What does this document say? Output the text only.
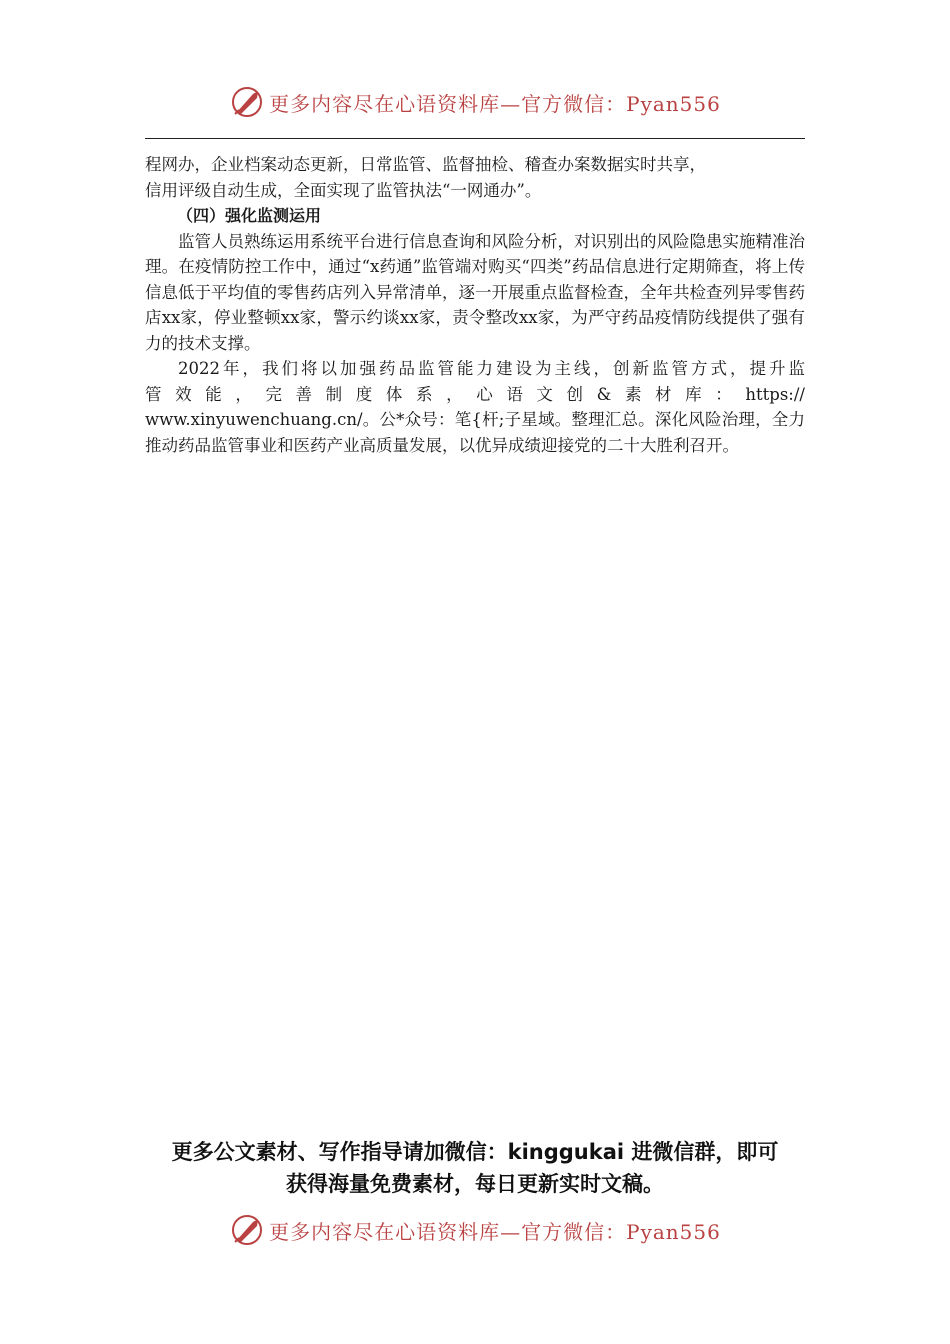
更多内容尽在心语资料库—官方微信：Pyan556

程网办，企业档案动态更新，日常监管、监督抽检、稽查办案数据实时共享，
信用评级自动生成，全面实现了监管执法“一网通办”。

（四）强化监测运用

监管人员熟练运用系统平台进行信息查询和风险分析，对识别出的风险隐患实施精准治理。在疫情防控工作中，通过“x药通”监管端对购买“四类”药品信息进行定期筛查，将上传信息低于平均值的零售药店列入异常清单，逐一开展重点监督检查，全年共检查列异零售药店xx家，停业整顿xx家，警示约谈xx家，责令整改xx家，为严守药品疫情防线提供了强有力的技术支撑。

2022年，我们将以加强药品监管能力建设为主线，创新监管方式，提升监

管效能，完善制度体系，心语文创&素材库：https://

www.xinyuwenchuang.cn/。公*众号：笔{杆;子星域。整理汇总。深化风险治理，全力推动药品监管事业和医药产业高质量发展，以优异成绩迎接党的二十大胜利召开。

更多公文素材、写作指导请加微信：kinggukai 进微信群，即可
获得海量免费素材，每日更新实时文稿。
更多内容尽在心语资料库—官方微信：Pyan556
